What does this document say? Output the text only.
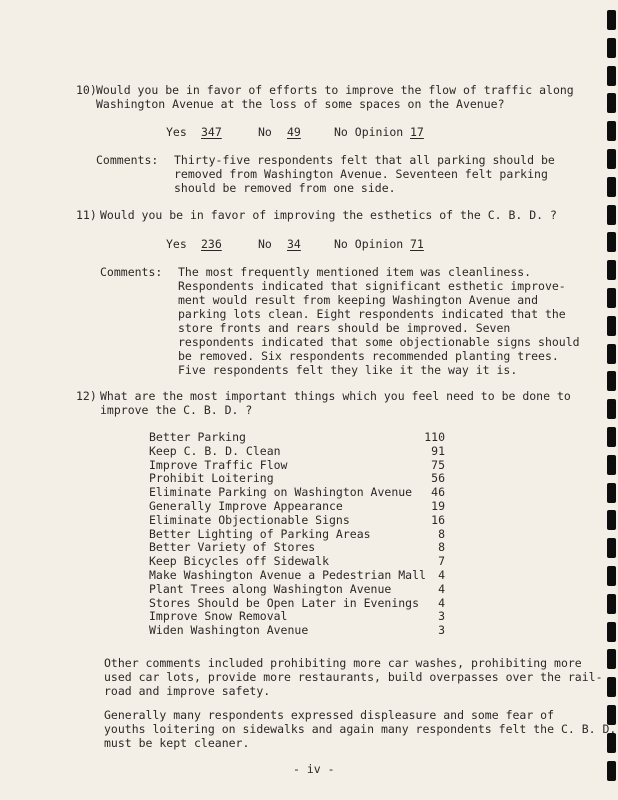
10) Would you be in favor of efforts to improve the flow of traffic along
Washington Avenue at the loss of some spaces on the Avenue?
Yes 347	No 49	No Opinion 17
Comments: Thirty-five respondents felt that all parking should be
removed from Washington Avenue. Seventeen felt parking
should be removed from one side.
11) Would you be in favor of improving the esthetics of the C. B. D. ?
Yes 236	No 34	No Opinion 71
Comments: The most frequently mentioned item was cleanliness.
Respondents indicated that significant esthetic improve-
ment would result from keeping Washington Avenue and
parking lots clean. Eight respondents indicated that the
store fronts and rears should be improved. Seven
respondents indicated that some objectionable signs should
be removed. Six respondents recommended planting trees.
Five respondents felt they like it the way it is.
12) What are the most important things which you feel need to be done to
improve the C. B. D. ?
Better Parking	110
Keep C. B. D. Clean	91
Improve Traffic Flow	75
Prohibit Loitering	56
Eliminate Parking on Washington Avenue	46
Generally Improve Appearance	19
Eliminate Objectionable Signs	16
Better Lighting of Parking Areas	8
Better Variety of Stores	8
Keep Bicycles off Sidewalk	7
Make Washington Avenue a Pedestrian Mall	4
Plant Trees along Washington Avenue	4
Stores Should be Open Later in Evenings	4
Improve Snow Removal	3
Widen Washington Avenue	3
Other comments included prohibiting more car washes, prohibiting more
used car lots, provide more restaurants, build overpasses over the rail-
road and improve safety.
Generally many respondents expressed displeasure and some fear of
youths loitering on sidewalks and again many respondents felt the C. B. D.
must be kept cleaner.
- iv -
